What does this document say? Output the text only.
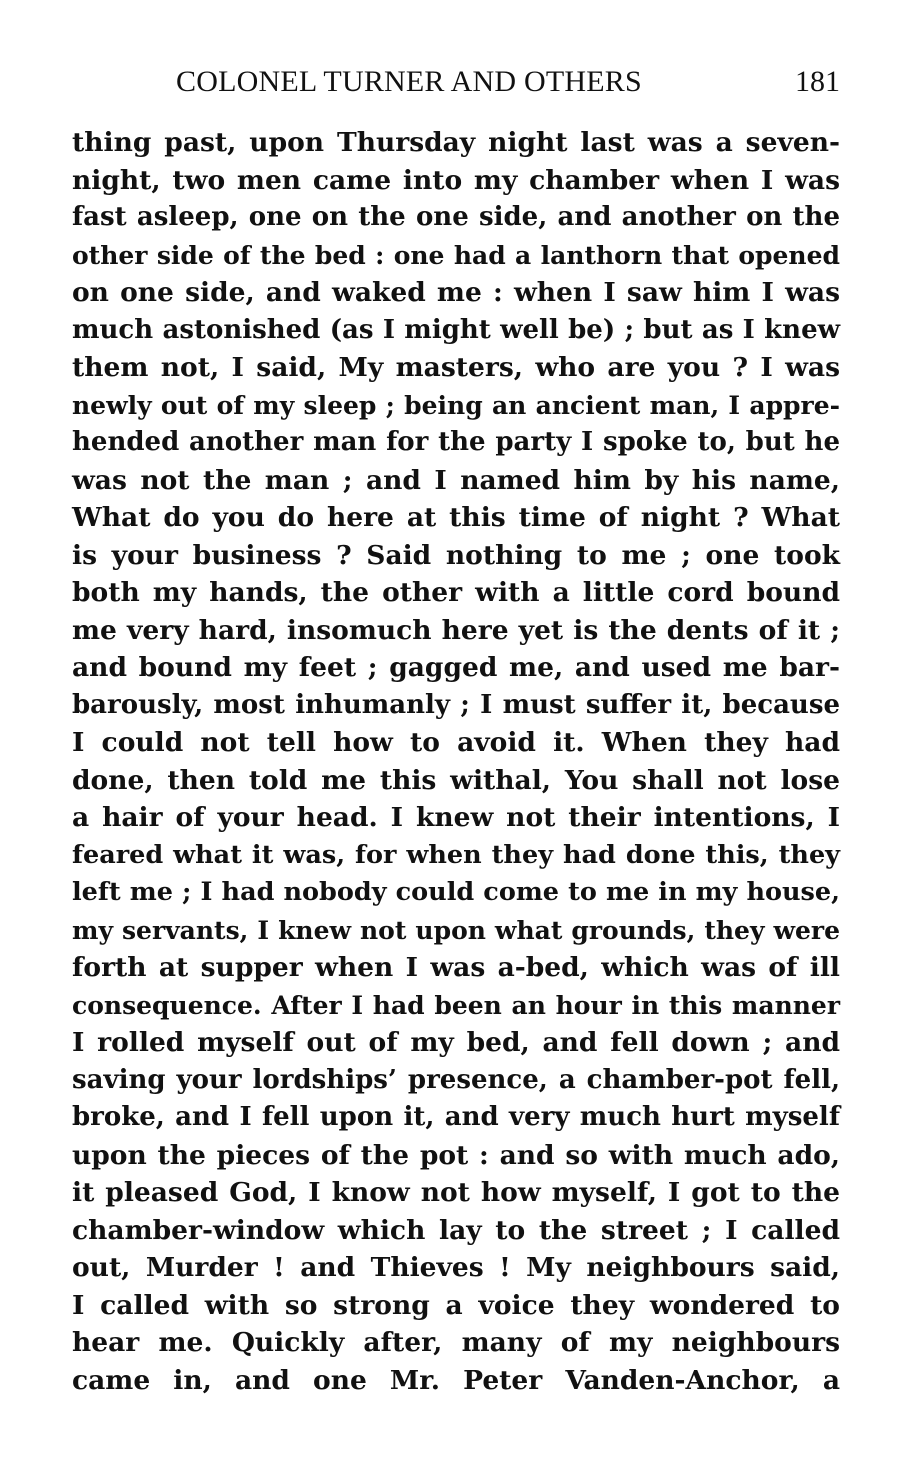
COLONEL TURNER AND OTHERS	181
thing past, upon Thursday night last was a seven-
night, two men came into my chamber when I was
fast asleep, one on the one side, and another on the
other side of the bed : one had a lanthorn that opened
on one side, and waked me : when I saw him I was
much astonished (as I might well be) ; but as I knew
them not, I said, My masters, who are you ? I was
newly out of my sleep ; being an ancient man, I appre-
hended another man for the party I spoke to, but he
was not the man ; and I named him by his name,
What do you do here at this time of night ? What
is your business ? Said nothing to me ; one took
both my hands, the other with a little cord bound
me very hard, insomuch here yet is the dents of it ;
and bound my feet ; gagged me, and used me bar-
barously, most inhumanly ; I must suffer it, because
I could not tell how to avoid it. When they had
done, then told me this withal, You shall not lose
a hair of your head. I knew not their intentions, I
feared what it was, for when they had done this, they
left me ; I had nobody could come to me in my house,
my servants, I knew not upon what grounds, they were
forth at supper when I was a-bed, which was of ill
consequence. After I had been an hour in this manner
I rolled myself out of my bed, and fell down ; and
saving your lordships’ presence, a chamber-pot fell,
broke, and I fell upon it, and very much hurt myself
upon the pieces of the pot : and so with much ado,
it pleased God, I know not how myself, I got to the
chamber-window which lay to the street ; I called
out, Murder ! and Thieves ! My neighbours said,
I called with so strong a voice they wondered to
hear me. Quickly after, many of my neighbours
came in, and one Mr. Peter Vanden-Anchor, a
